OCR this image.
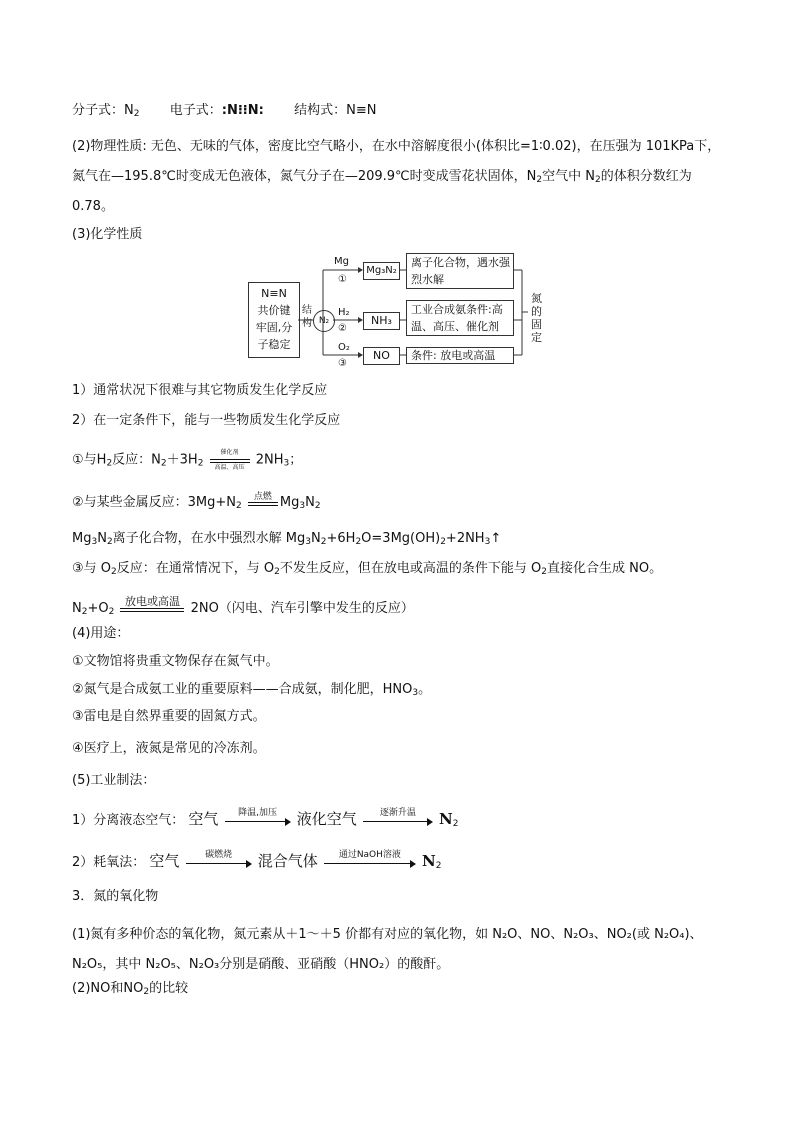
分子式：$N_2$ 电子式：:N⁝⁝N: 结构式：N≡N
(2)物理性质: 无色、无味的气体，密度比空气略小，在水中溶解度很小(体积比=1∶0.02)，在压强为 101KPa下，氮气在—195.8℃时变成无色液体，氮气分子在—209.9℃时变成雪花状固体，$N_2$空气中 $N_2$的体积分数红为 0.78。
(3)化学性质
N≡N
共价键
牢固,分
子稳定
结
构 N₂
Mg
①
H₂
②
O₂
③
Mg₃N₂
NH₃
NO
离子化合物，遇水强烈水解
工业合成氨条件:高温、高压、催化剂
条件: 放电或高温
氮
的
固
定
1）通常状况下很难与其它物质发生化学反应
2）在一定条件下，能与一些物质发生化学反应
①与$H_2$反应：$N_2+3H_2$
催化剂
高温、高压 $2NH_3$；
②与某些金属反应：$3Mg+N_2$
点燃 $Mg_3N_2$
$Mg_3N_2$离子化合物，在水中强烈水解 $Mg_3N_2+6H_2O=3Mg(OH)_2+2NH_3↑$
③与 $O_2$反应：在通常情况下，与 $O_2$不发生反应，但在放电或高温的条件下能与 $O_2$直接化合生成 NO。
$N_2+O_2$
放电或高温 2NO（闪电、汽车引擎中发生的反应）
(4)用途：
①文物馆将贵重文物保存在氮气中。
②氮气是合成氨工业的重要原料——合成氨，制化肥，$HNO_3$。
③雷电是自然界重要的固氮方式。
④医疗上，液氮是常见的冷冻剂。
(5)工业制法：
1）分离液态空气： 空气	降温,加压	液化空气	逐渐升温	$N_2$
2）耗氧法： 空气	碳燃烧	混合气体	通过NaOH溶液	$N_2$
3．氮的氧化物
(1)氮有多种价态的氧化物，氮元素从＋1～＋5 价都有对应的氧化物，如 N₂O、NO、N₂O₃、NO₂(或 N₂O₄)、N₂O₅，其中 N₂O₅、N₂O₃分别是硝酸、亚硝酸（HNO₂）的酸酐。
(2)NO和$NO_2$的比较
